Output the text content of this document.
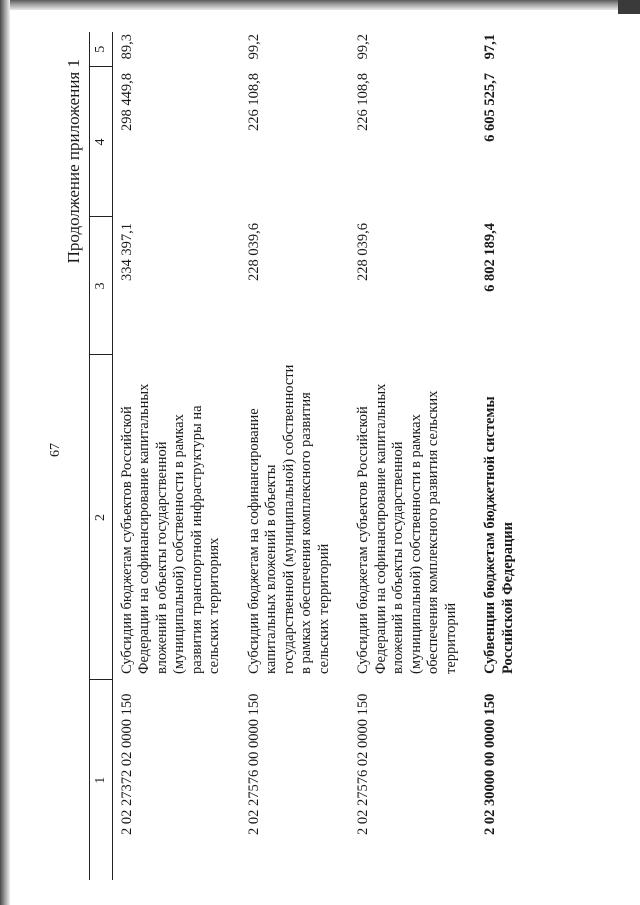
67
Продолжение приложения 1
1	2	3	4	5
2 02 27372 02 0000 150	Субсидии бюджетам субъектов Российской Федерации на софинансирование капитальных вложений в объекты государственной (муниципальной) собственности в рамках развития транспортной инфраструктуры на сельских территориях	334 397,1	298 449,8	89,3
2 02 27576 00 0000 150	Субсидии бюджетам на софинансирование капитальных вложений в объекты государственной (муниципальной) собственности в рамках обеспечения комплексного развития сельских территорий	228 039,6	226 108,8	99,2
2 02 27576 02 0000 150	Субсидии бюджетам субъектов Российской Федерации на софинансирование капитальных вложений в объекты государственной (муниципальной) собственности в рамках обеспечения комплексного развития сельских территорий	228 039,6	226 108,8	99,2
2 02 30000 00 0000 150	Субвенции бюджетам бюджетной системы Российской Федерации	6 802 189,4	6 605 525,7	97,1
